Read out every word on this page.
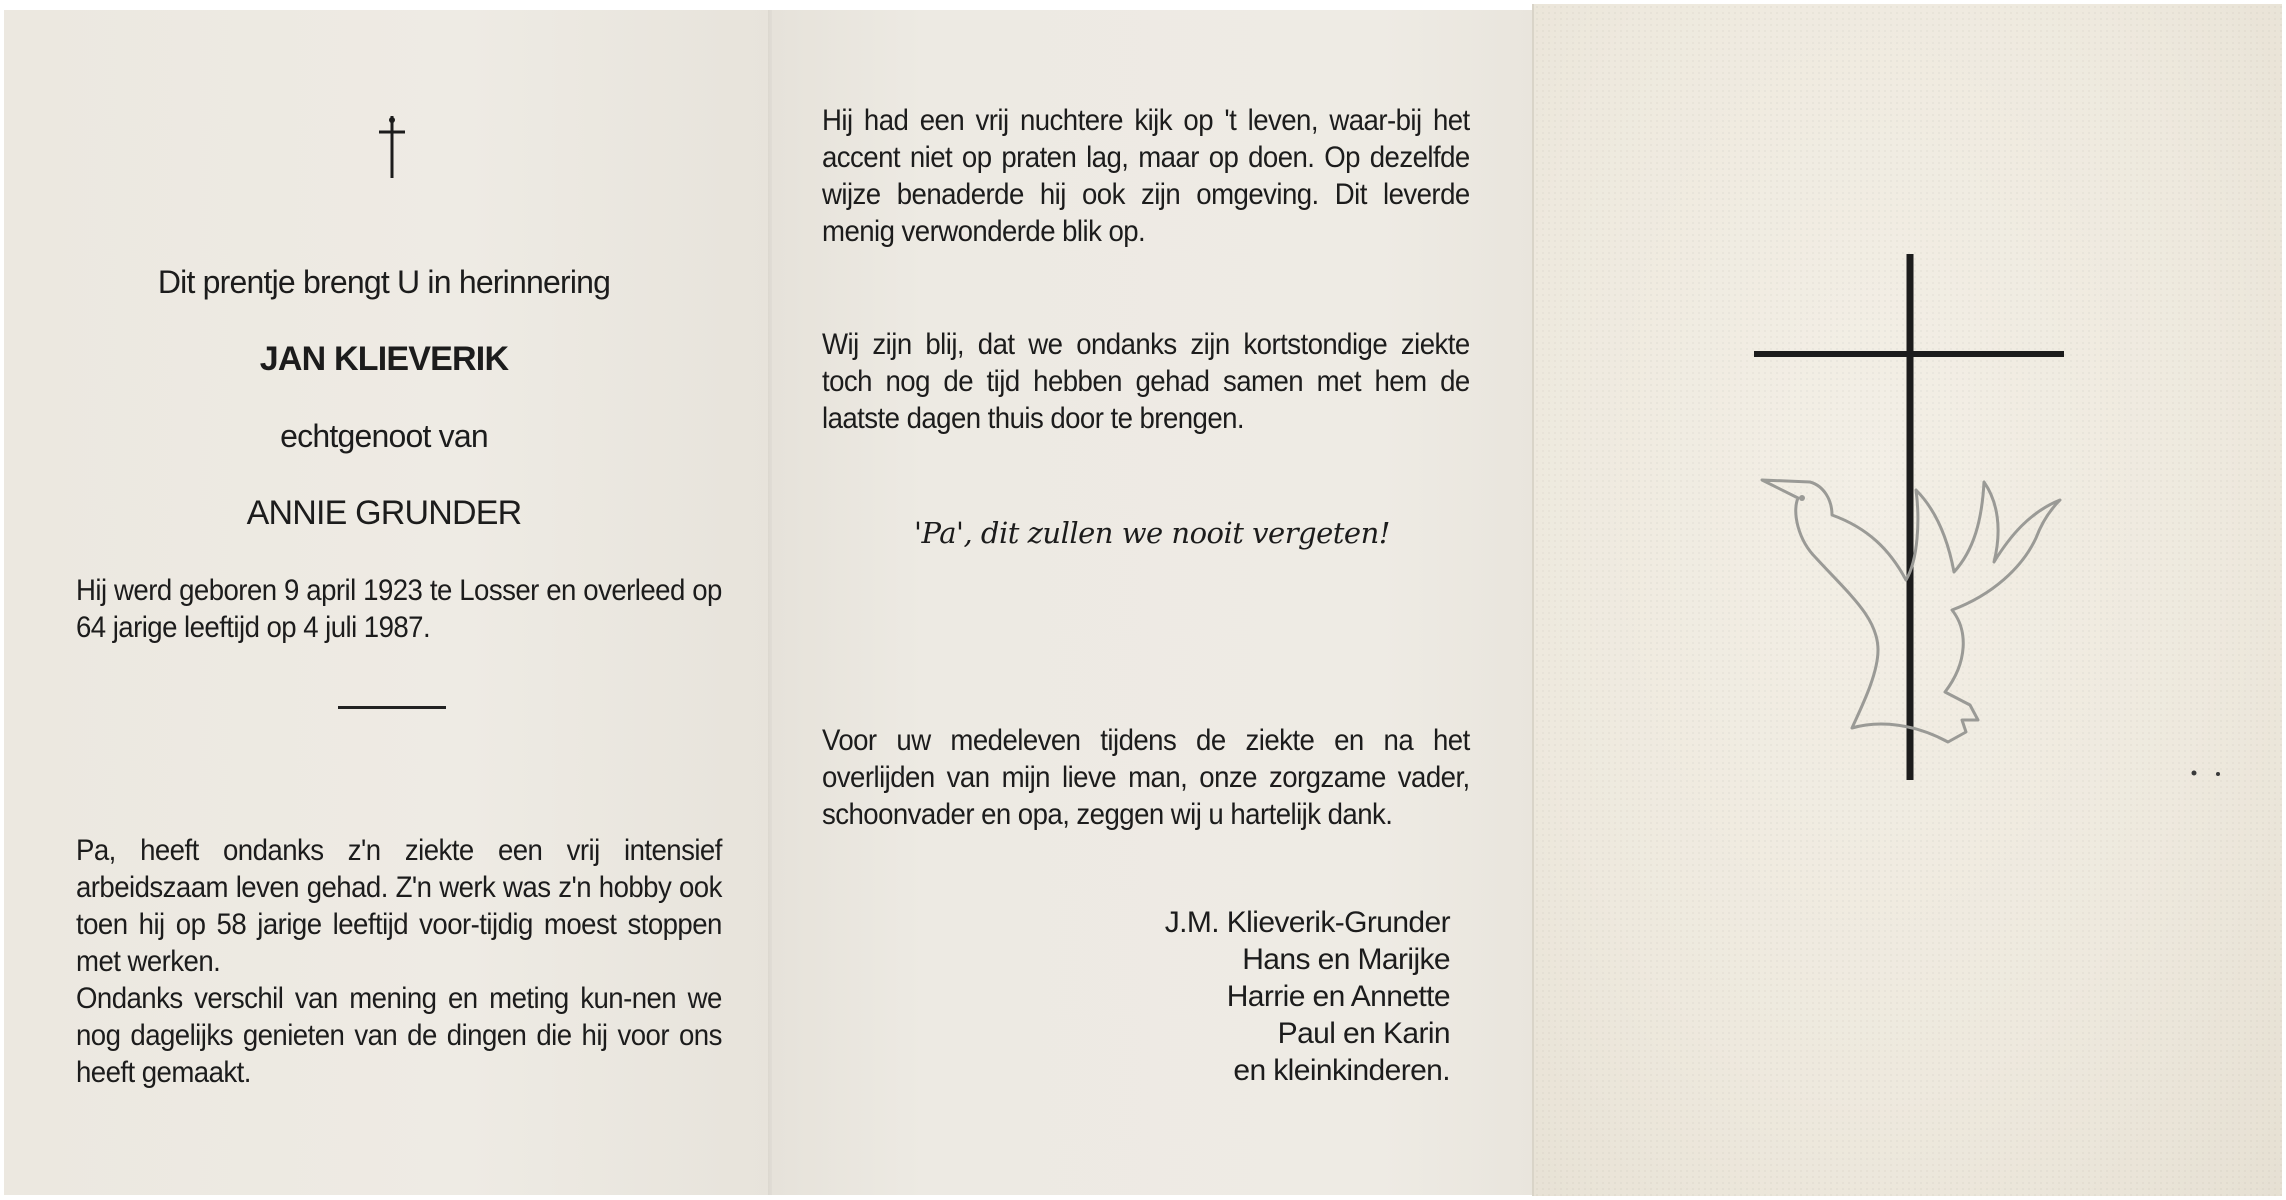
Dit prentje brengt U in herinnering
JAN KLIEVERIK
echtgenoot van
ANNIE GRUNDER
Hij werd geboren 9 april 1923 te Losser en overleed op 64 jarige leeftijd op 4 juli 1987.
Pa, heeft ondanks z'n ziekte een vrij intensief arbeidszaam leven gehad. Z'n werk was z'n hobby ook toen hij op 58 jarige leeftijd voor-tijdig moest stoppen met werken.
Ondanks verschil van mening en meting kun-nen we nog dagelijks genieten van de dingen die hij voor ons heeft gemaakt.
Hij had een vrij nuchtere kijk op 't leven, waar-bij het accent niet op praten lag, maar op doen. Op dezelfde wijze benaderde hij ook zijn omgeving. Dit leverde menig verwonderde blik op.
Wij zijn blij, dat we ondanks zijn kortstondige ziekte toch nog de tijd hebben gehad samen met hem de laatste dagen thuis door te brengen.
'Pa', dit zullen we nooit vergeten!
Voor uw medeleven tijdens de ziekte en na het overlijden van mijn lieve man, onze zorgzame vader, schoonvader en opa, zeggen wij u hartelijk dank.
J.M. Klieverik-Grunder
Hans en Marijke
Harrie en Annette
Paul en Karin
en kleinkinderen.
